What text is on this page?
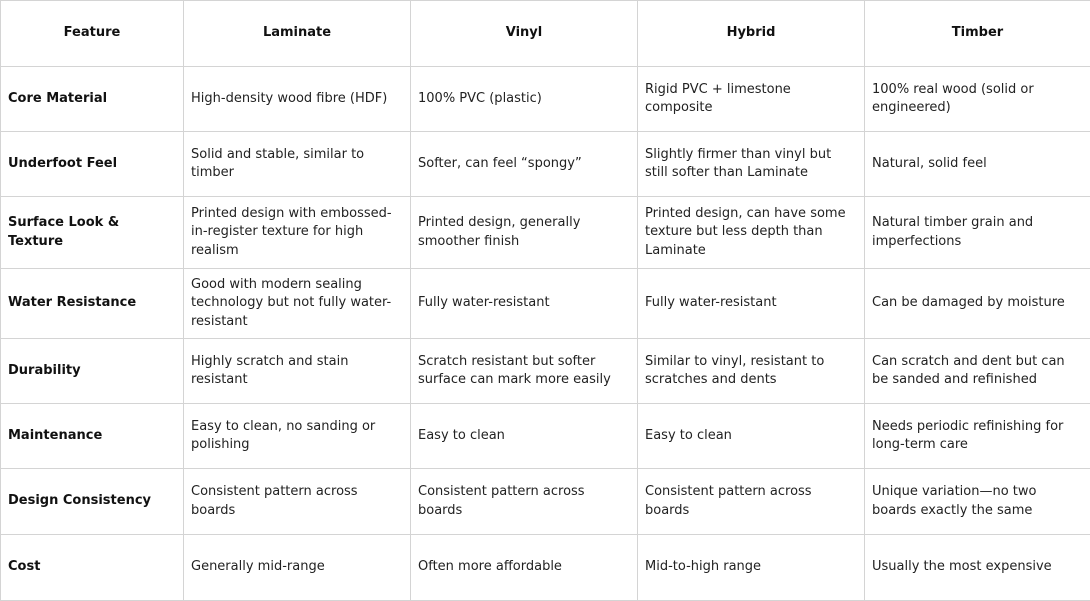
Feature	Laminate	Vinyl	Hybrid	Timber
Core Material	High-density wood fibre (HDF)	100% PVC (plastic)	Rigid PVC + limestone composite	100% real wood (solid or engineered)
Underfoot Feel	Solid and stable, similar to timber	Softer, can feel “spongy”	Slightly firmer than vinyl but still softer than Laminate	Natural, solid feel
Surface Look & Texture	Printed design with embossed-in-register texture for high realism	Printed design, generally smoother finish	Printed design, can have some texture but less depth than Laminate	Natural timber grain and imperfections
Water Resistance	Good with modern sealing technology but not fully water-resistant	Fully water-resistant	Fully water-resistant	Can be damaged by moisture
Durability	Highly scratch and stain resistant	Scratch resistant but softer surface can mark more easily	Similar to vinyl, resistant to scratches and dents	Can scratch and dent but can be sanded and refinished
Maintenance	Easy to clean, no sanding or polishing	Easy to clean	Easy to clean	Needs periodic refinishing for long-term care
Design Consistency	Consistent pattern across boards	Consistent pattern across boards	Consistent pattern across boards	Unique variation—no two boards exactly the same
Cost	Generally mid-range	Often more affordable	Mid-to-high range	Usually the most expensive
